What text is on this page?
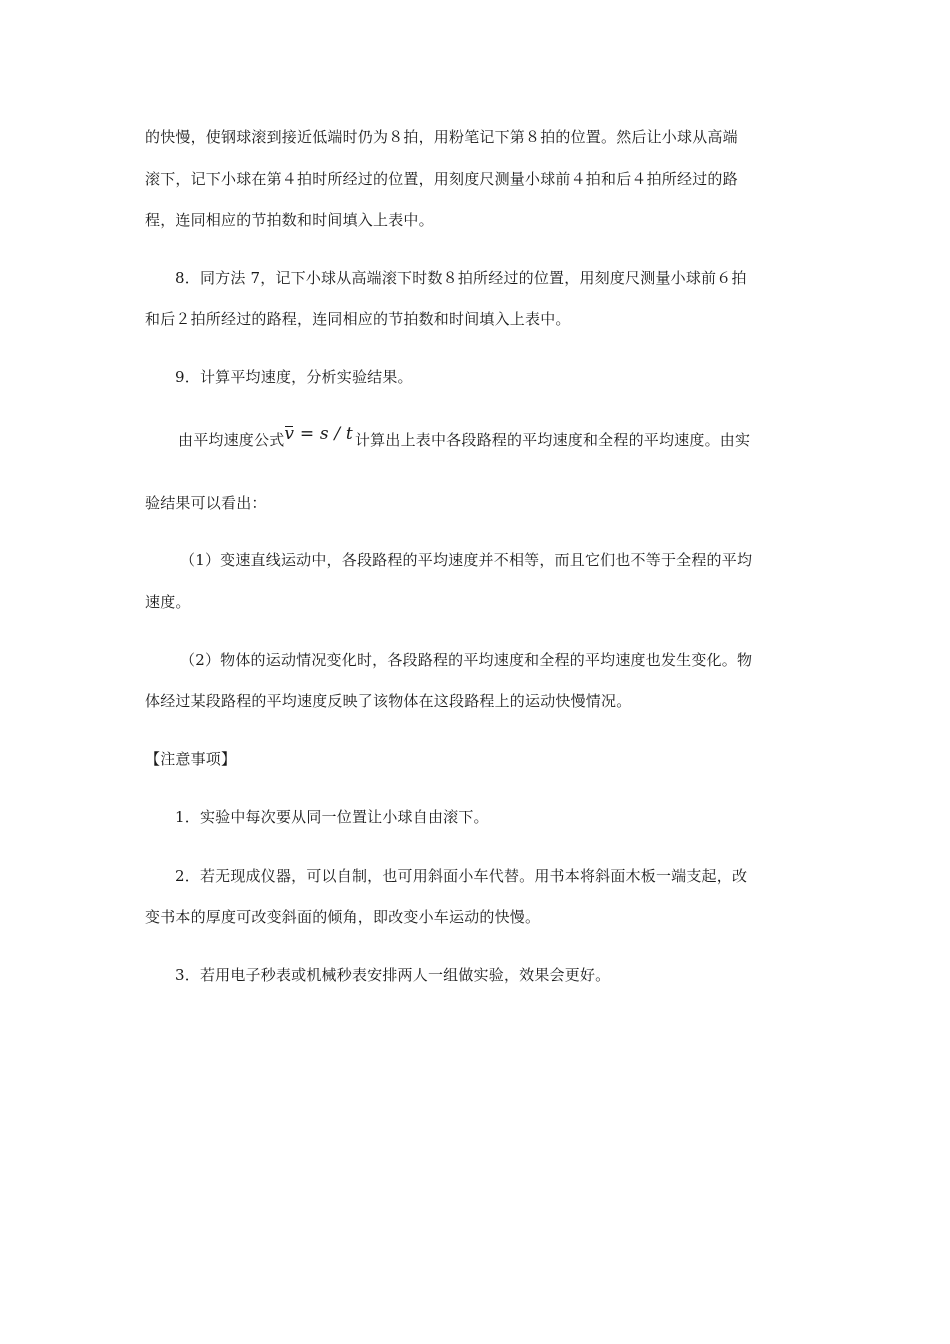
的快慢，使钢球滚到接近低端时仍为８拍，用粉笔记下第８拍的位置。然后让小球从高端
滚下，记下小球在第４拍时所经过的位置，用刻度尺测量小球前４拍和后４拍所经过的路
程，连同相应的节拍数和时间填入上表中。
8．同方法 7，记下小球从高端滚下时数８拍所经过的位置，用刻度尺测量小球前６拍
和后２拍所经过的路程，连同相应的节拍数和时间填入上表中。
9．计算平均速度，分析实验结果。
由平均速度公式v = s / t 计算出上表中各段路程的平均速度和全程的平均速度。由实
验结果可以看出：
（1）变速直线运动中，各段路程的平均速度并不相等，而且它们也不等于全程的平均
速度。
（2）物体的运动情况变化时，各段路程的平均速度和全程的平均速度也发生变化。物
体经过某段路程的平均速度反映了该物体在这段路程上的运动快慢情况。
【注意事项】
1．实验中每次要从同一位置让小球自由滚下。
2．若无现成仪器，可以自制，也可用斜面小车代替。用书本将斜面木板一端支起，改
变书本的厚度可改变斜面的倾角，即改变小车运动的快慢。
3．若用电子秒表或机械秒表安排两人一组做实验，效果会更好。
